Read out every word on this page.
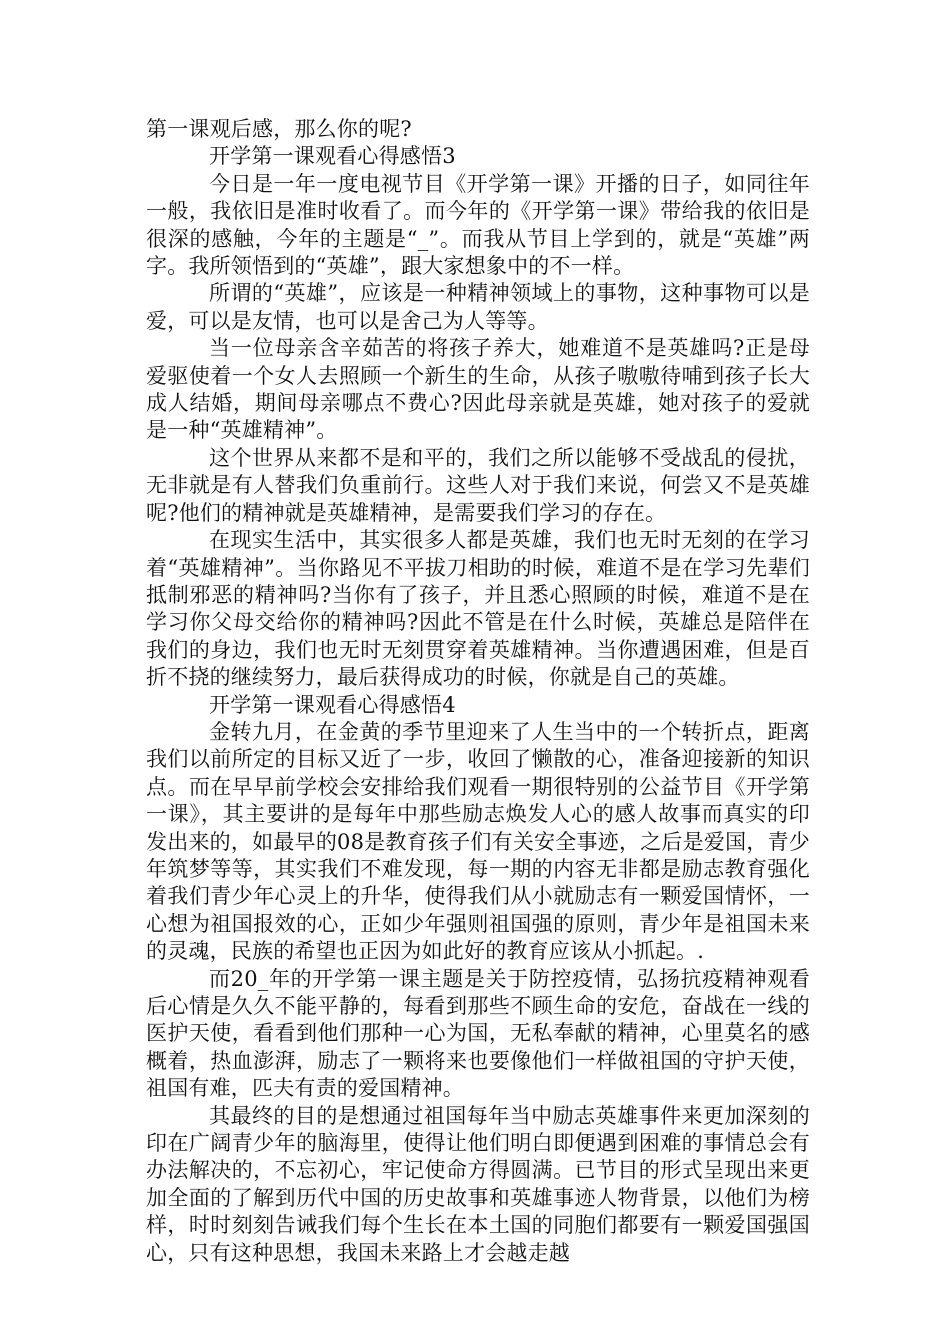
第一课观后感，那么你的呢?

开学第一课观看心得感悟3

今日是一年一度电视节目《开学第一课》开播的日子，如同往年一般，我依旧是准时收看了。而今年的《开学第一课》带给我的依旧是很深的感触，今年的主题是“_”。而我从节目上学到的，就是“英雄”两字。我所领悟到的“英雄”，跟大家想象中的不一样。

所谓的“英雄”，应该是一种精神领域上的事物，这种事物可以是爱，可以是友情，也可以是舍己为人等等。

当一位母亲含辛茹苦的将孩子养大，她难道不是英雄吗?正是母爱驱使着一个女人去照顾一个新生的生命，从孩子嗷嗷待哺到孩子长大成人结婚，期间母亲哪点不费心?因此母亲就是英雄，她对孩子的爱就是一种“英雄精神”。

这个世界从来都不是和平的，我们之所以能够不受战乱的侵扰，无非就是有人替我们负重前行。这些人对于我们来说，何尝又不是英雄呢?他们的精神就是英雄精神，是需要我们学习的存在。

在现实生活中，其实很多人都是英雄，我们也无时无刻的在学习着“英雄精神”。当你路见不平拔刀相助的时候，难道不是在学习先辈们抵制邪恶的精神吗?当你有了孩子，并且悉心照顾的时候，难道不是在学习你父母交给你的精神吗?因此不管是在什么时候，英雄总是陪伴在我们的身边，我们也无时无刻贯穿着英雄精神。当你遭遇困难，但是百折不挠的继续努力，最后获得成功的时候，你就是自己的英雄。

开学第一课观看心得感悟4

金转九月，在金黄的季节里迎来了人生当中的一个转折点，距离我们以前所定的目标又近了一步，收回了懒散的心，准备迎接新的知识点。而在早早前学校会安排给我们观看一期很特别的公益节目《开学第一课》，其主要讲的是每年中那些励志焕发人心的感人故事而真实的印发出来的，如最早的08是教育孩子们有关安全事迹，之后是爱国，青少年筑梦等等，其实我们不难发现，每一期的内容无非都是励志教育强化着我们青少年心灵上的升华，使得我们从小就励志有一颗爱国情怀，一心想为祖国报效的心，正如少年强则祖国强的原则，青少年是祖国未来的灵魂，民族的希望也正因为如此好的教育应该从小抓起。.

而20_年的开学第一课主题是关于防控疫情，弘扬抗疫精神观看后心情是久久不能平静的，每看到那些不顾生命的安危，奋战在一线的医护天使，看看到他们那种一心为国，无私奉献的精神，心里莫名的感概着，热血澎湃，励志了一颗将来也要像他们一样做祖国的守护天使，祖国有难，匹夫有责的爱国精神。

其最终的目的是想通过祖国每年当中励志英雄事件来更加深刻的印在广阔青少年的脑海里，使得让他们明白即便遇到困难的事情总会有办法解决的，不忘初心，牢记使命方得圆满。已节目的形式呈现出来更加全面的了解到历代中国的历史故事和英雄事迹人物背景，以他们为榜样，时时刻刻告诫我们每个生长在本土国的同胞们都要有一颗爱国强国心，只有这种思想，我国未来路上才会越走越
